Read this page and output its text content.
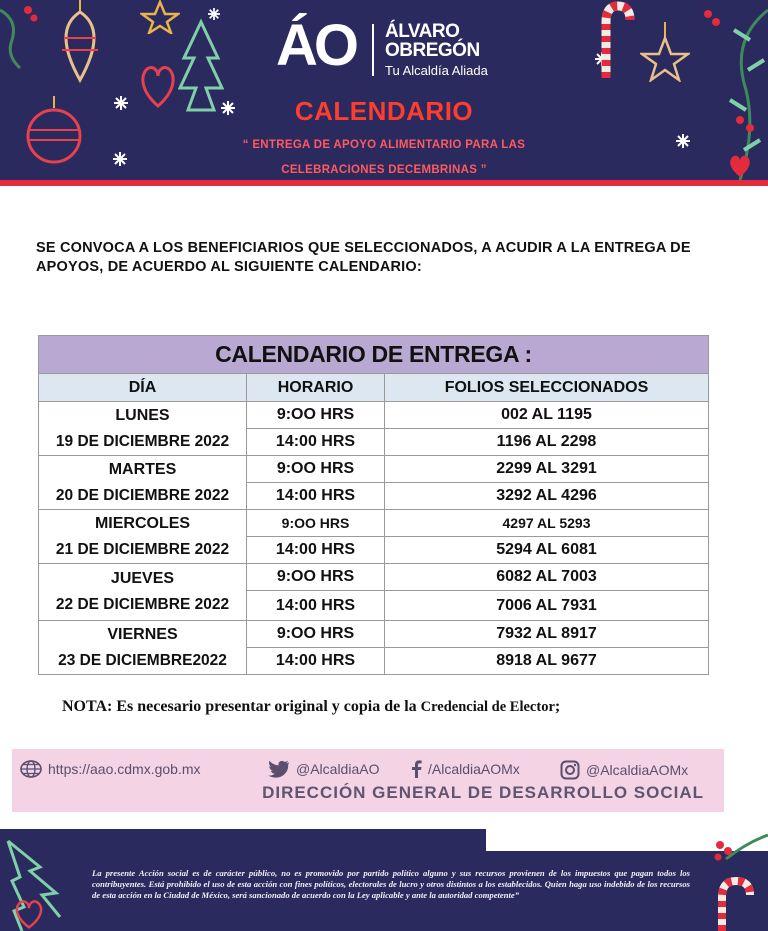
ÁO ÁLVARO
OBREGÓN
Tu Alcaldía Aliada
CALENDARIO
“ ENTREGA DE APOYO ALIMENTARIO PARA LAS
CELEBRACIONES DECEMBRINAS ”
SE CONVOCA A LOS BENEFICIARIOS QUE SELECCIONADOS, A ACUDIR A LA ENTREGA DE APOYOS, DE ACUERDO AL SIGUIENTE CALENDARIO:
CALENDARIO DE ENTREGA :		
DÍA	HORARIO	FOLIOS SELECCIONADOS

LUNES
19 DE DICIEMBRE 2022	9:OO HRS	002 AL 1195
	14:00 HRS	1196 AL 2298

MARTES
20 DE DICIEMBRE 2022	9:OO HRS	2299 AL 3291
	14:00 HRS	3292 AL 4296

MIERCOLES
21 DE DICIEMBRE 2022	9:OO HRS	4297 AL 5293
	14:00 HRS	5294 AL 6081

JUEVES
22 DE DICIEMBRE 2022	9:OO HRS	6082 AL 7003
	14:00 HRS	7006 AL 7931

VIERNES
23 DE DICIEMBRE2022	9:OO HRS	7932 AL 8917
	14:00 HRS	8918 AL 9677
NOTA: Es necesario presentar original y copia de la Credencial de Elector;
https://aao.cdmx.gob.mx	@AlcaldiaAO	/AlcaldiaAOMx	@AlcaldiaAOMx
DIRECCIÓN GENERAL DE DESARROLLO SOCIAL
La presente Acción social es de carácter público, no es promovido por partido político alguno y sus recursos provienen de los impuestos que pagan todos los contribuyentes. Está prohibido el uso de esta acción con fines políticos, electorales de lucro y otros distintos a los establecidos. Quien haga uso indebido de los recursos de esta acción en la Ciudad de México, será sancionado de acuerdo con la Ley aplicable y ante la autoridad competente”
